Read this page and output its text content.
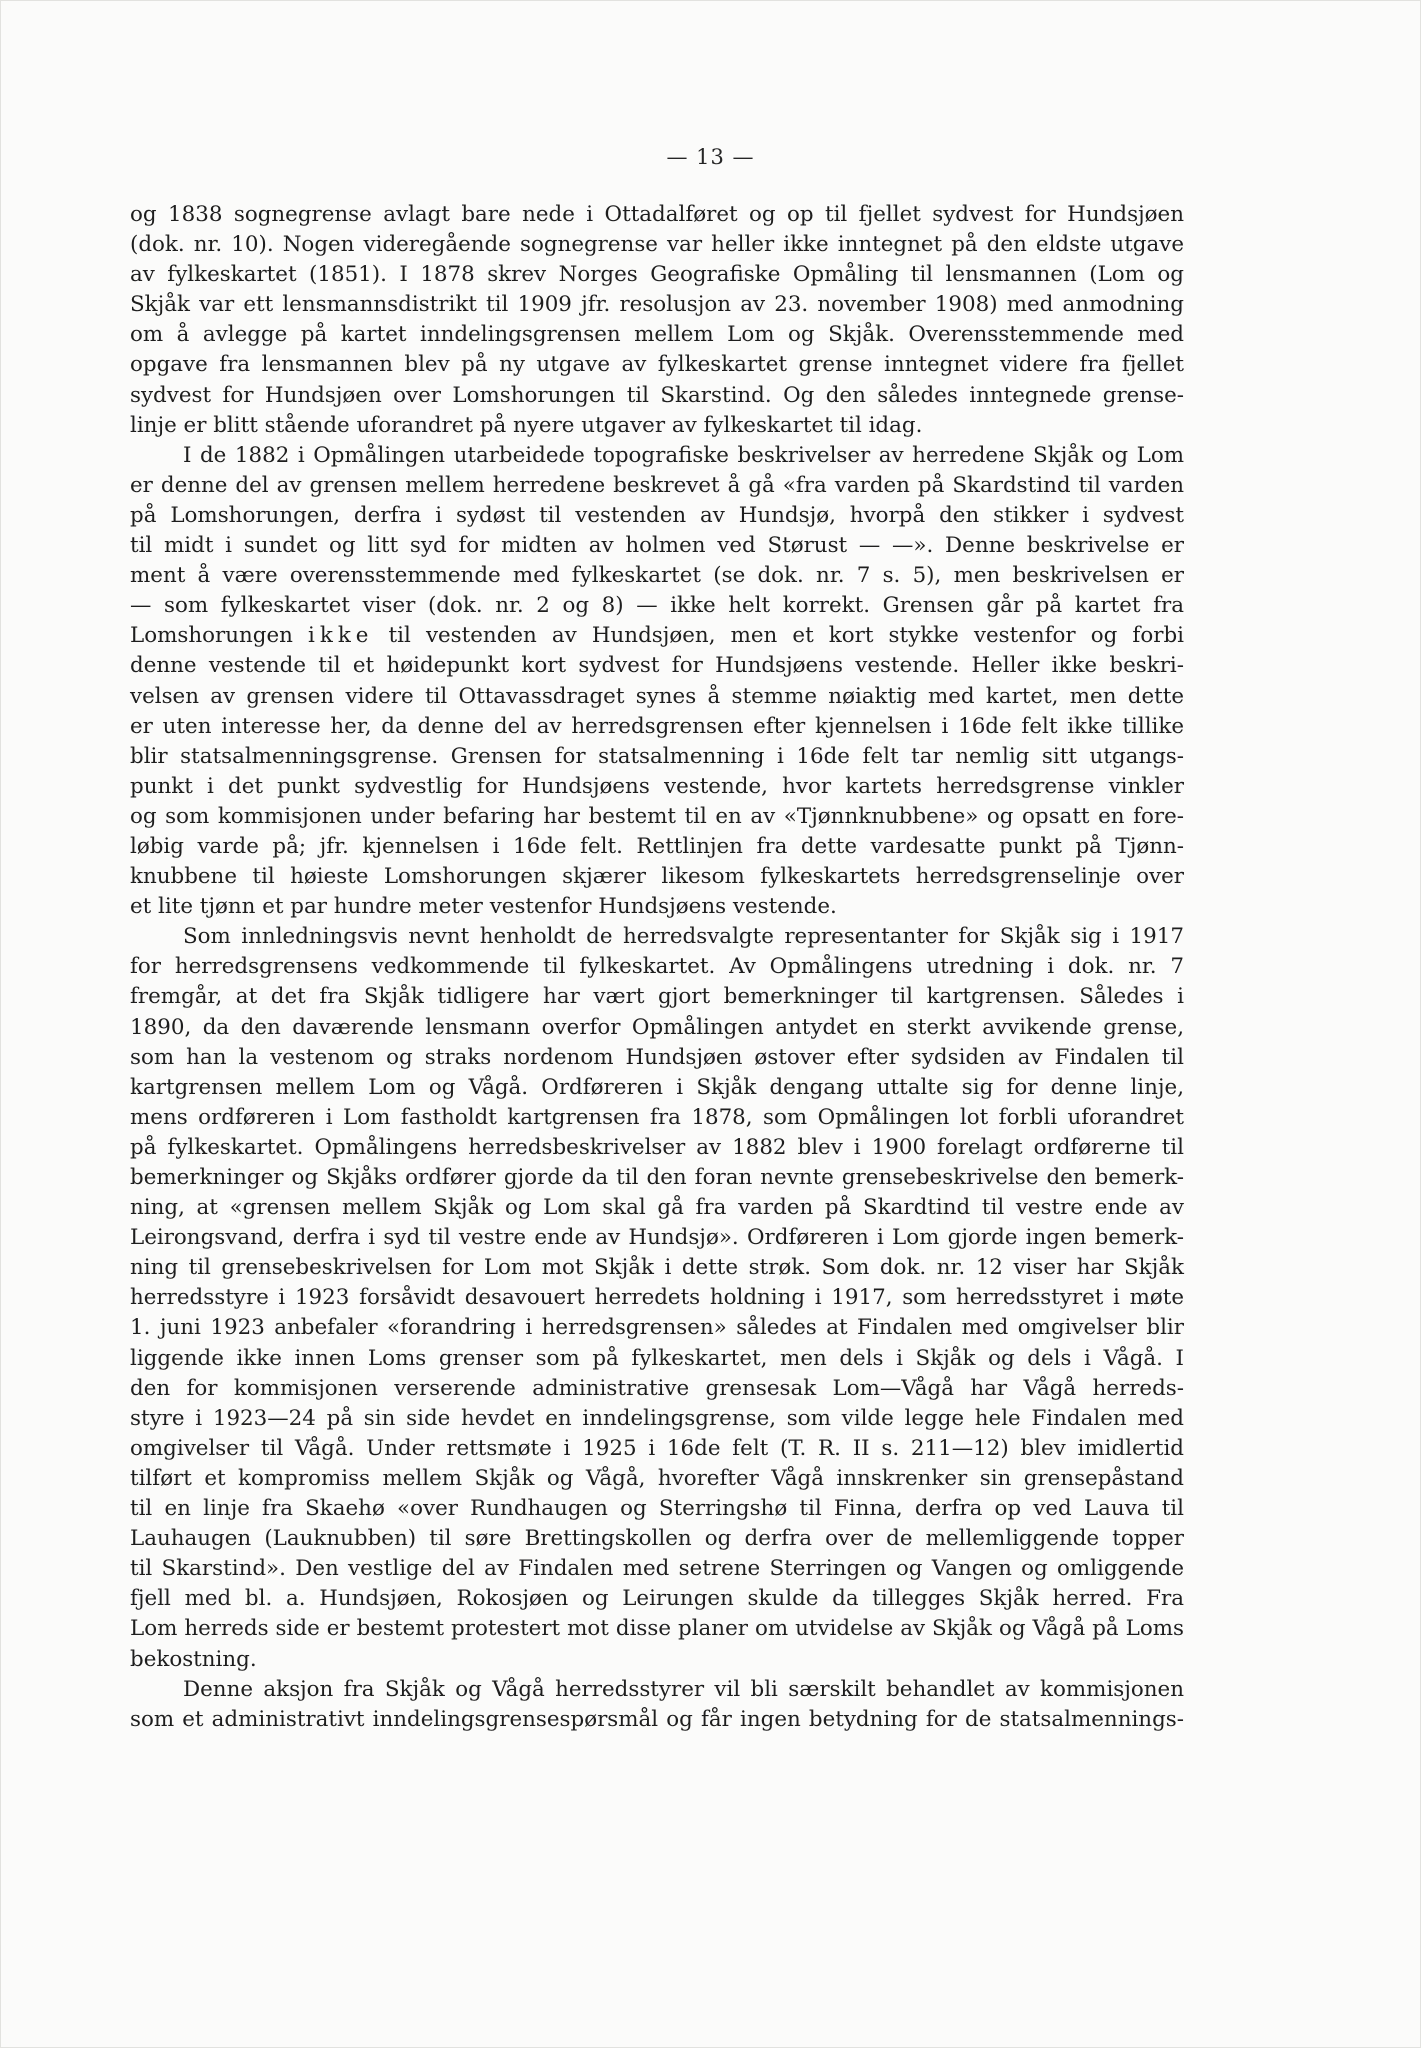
— 13 —
og 1838 sognegrense avlagt bare nede i Ottadalføret og op til fjellet sydvest for Hundsjøen
(dok. nr. 10). Nogen videregående sognegrense var heller ikke inntegnet på den eldste utgave
av fylkeskartet (1851). I 1878 skrev Norges Geografiske Opmåling til lensmannen (Lom og
Skjåk var ett lensmannsdistrikt til 1909 jfr. resolusjon av 23. november 1908) med anmodning
om å avlegge på kartet inndelingsgrensen mellem Lom og Skjåk. Overensstemmende med
opgave fra lensmannen blev på ny utgave av fylkeskartet grense inntegnet videre fra fjellet
sydvest for Hundsjøen over Lomshorungen til Skarstind. Og den således inntegnede grense-
linje er blitt stående uforandret på nyere utgaver av fylkeskartet til idag.
I de 1882 i Opmålingen utarbeidede topografiske beskrivelser av herredene Skjåk og Lom
er denne del av grensen mellem herredene beskrevet å gå «fra varden på Skardstind til varden
på Lomshorungen, derfra i sydøst til vestenden av Hundsjø, hvorpå den stikker i sydvest
til midt i sundet og litt syd for midten av holmen ved Størust — —». Denne beskrivelse er
ment å være overensstemmende med fylkeskartet (se dok. nr. 7 s. 5), men beskrivelsen er
— som fylkeskartet viser (dok. nr. 2 og 8) — ikke helt korrekt. Grensen går på kartet fra
Lomshorungen ikke til vestenden av Hundsjøen, men et kort stykke vestenfor og forbi
denne vestende til et høidepunkt kort sydvest for Hundsjøens vestende. Heller ikke beskri-
velsen av grensen videre til Ottavassdraget synes å stemme nøiaktig med kartet, men dette
er uten interesse her, da denne del av herredsgrensen efter kjennelsen i 16de felt ikke tillike
blir statsalmenningsgrense. Grensen for statsalmenning i 16de felt tar nemlig sitt utgangs-
punkt i det punkt sydvestlig for Hundsjøens vestende, hvor kartets herredsgrense vinkler
og som kommisjonen under befaring har bestemt til en av «Tjønnknubbene» og opsatt en fore-
løbig varde på; jfr. kjennelsen i 16de felt. Rettlinjen fra dette vardesatte punkt på Tjønn-
knubbene til høieste Lomshorungen skjærer likesom fylkeskartets herredsgrenselinje over
et lite tjønn et par hundre meter vestenfor Hundsjøens vestende.
Som innledningsvis nevnt henholdt de herredsvalgte representanter for Skjåk sig i 1917
for herredsgrensens vedkommende til fylkeskartet. Av Opmålingens utredning i dok. nr. 7
fremgår, at det fra Skjåk tidligere har vært gjort bemerkninger til kartgrensen. Således i
1890, da den daværende lensmann overfor Opmålingen antydet en sterkt avvikende grense,
som han la vestenom og straks nordenom Hundsjøen østover efter sydsiden av Findalen til
kartgrensen mellem Lom og Vågå. Ordføreren i Skjåk dengang uttalte sig for denne linje,
mens ordføreren i Lom fastholdt kartgrensen fra 1878, som Opmålingen lot forbli uforandret
på fylkeskartet. Opmålingens herredsbeskrivelser av 1882 blev i 1900 forelagt ordførerne til
bemerkninger og Skjåks ordfører gjorde da til den foran nevnte grensebeskrivelse den bemerk-
ning, at «grensen mellem Skjåk og Lom skal gå fra varden på Skardtind til vestre ende av
Leirongsvand, derfra i syd til vestre ende av Hundsjø». Ordføreren i Lom gjorde ingen bemerk-
ning til grensebeskrivelsen for Lom mot Skjåk i dette strøk. Som dok. nr. 12 viser har Skjåk
herredsstyre i 1923 forsåvidt desavouert herredets holdning i 1917, som herredsstyret i møte
1. juni 1923 anbefaler «forandring i herredsgrensen» således at Findalen med omgivelser blir
liggende ikke innen Loms grenser som på fylkeskartet, men dels i Skjåk og dels i Vågå. I
den for kommisjonen verserende administrative grensesak Lom—Vågå har Vågå herreds-
styre i 1923—24 på sin side hevdet en inndelingsgrense, som vilde legge hele Findalen med
omgivelser til Vågå. Under rettsmøte i 1925 i 16de felt (T. R. II s. 211—12) blev imidlertid
tilført et kompromiss mellem Skjåk og Vågå, hvorefter Vågå innskrenker sin grensepåstand
til en linje fra Skaehø «over Rundhaugen og Sterringshø til Finna, derfra op ved Lauva til
Lauhaugen (Lauknubben) til søre Brettingskollen og derfra over de mellemliggende topper
til Skarstind». Den vestlige del av Findalen med setrene Sterringen og Vangen og omliggende
fjell med bl. a. Hundsjøen, Rokosjøen og Leirungen skulde da tillegges Skjåk herred. Fra
Lom herreds side er bestemt protestert mot disse planer om utvidelse av Skjåk og Vågå på Loms
bekostning.
Denne aksjon fra Skjåk og Vågå herredsstyrer vil bli særskilt behandlet av kommisjonen
som et administrativt inndelingsgrensespørsmål og får ingen betydning for de statsalmennings-
